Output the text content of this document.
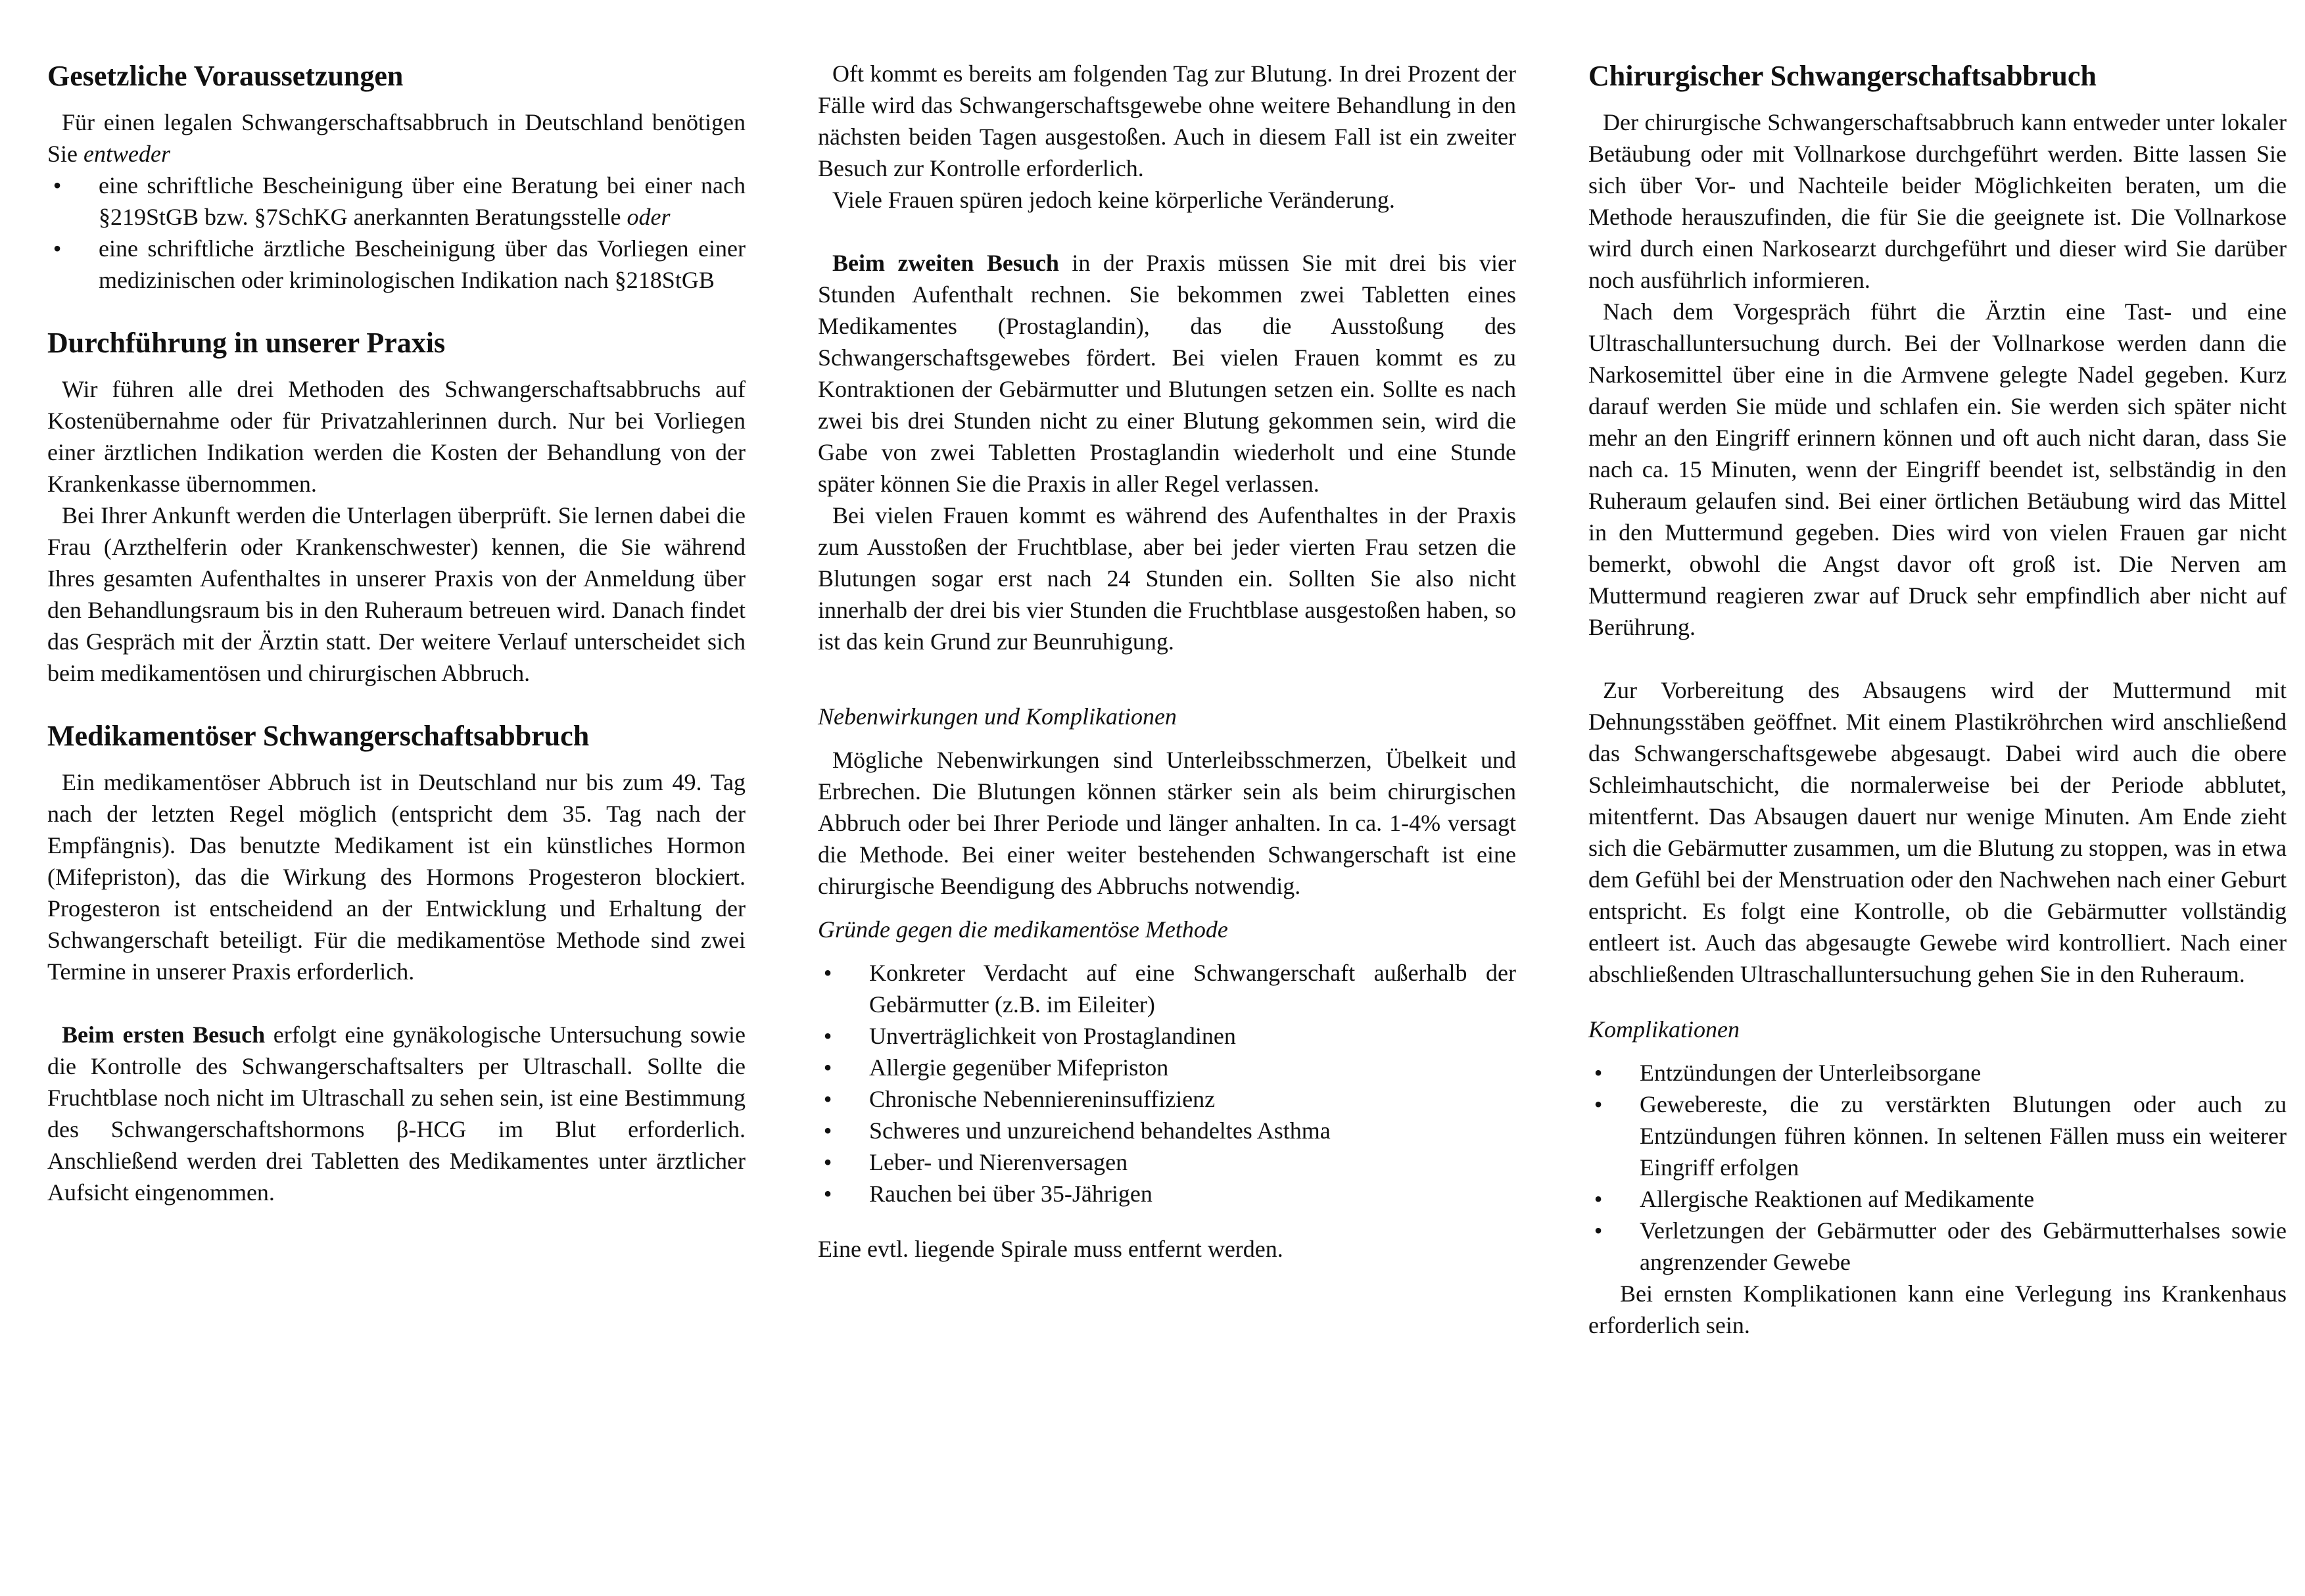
Gesetzliche Voraussetzungen

Für einen legalen Schwangerschaftsabbruch in Deutschland benötigen Sie entweder

• eine schriftliche Bescheinigung über eine Beratung bei einer nach §219StGB bzw. §7SchKG anerkannten Beratungsstelle oder
• eine schriftliche ärztliche Bescheinigung über das Vorliegen einer medizinischen oder kriminologischen Indikation nach §218StGB
Durchführung in unserer Praxis

Wir führen alle drei Methoden des Schwangerschaftsabbruchs auf Kostenübernahme oder für Privatzahlerinnen durch. Nur bei Vorliegen einer ärztlichen Indikation werden die Kosten der Behandlung von der Krankenkasse übernommen.

Bei Ihrer Ankunft werden die Unterlagen überprüft. Sie lernen dabei die Frau (Arzthelferin oder Krankenschwester) kennen, die Sie während Ihres gesamten Aufenthaltes in unserer Praxis von der Anmeldung über den Behandlungsraum bis in den Ruheraum betreuen wird. Danach findet das Gespräch mit der Ärztin statt. Der weitere Verlauf unterscheidet sich beim medikamentösen und chirurgischen Abbruch.

Medikamentöser Schwangerschaftsabbruch

Ein medikamentöser Abbruch ist in Deutschland nur bis zum 49. Tag nach der letzten Regel möglich (entspricht dem 35. Tag nach der Empfängnis). Das benutzte Medikament ist ein künstliches Hormon (Mifepriston), das die Wirkung des Hormons Progesteron blockiert. Progesteron ist entscheidend an der Entwicklung und Erhaltung der Schwangerschaft beteiligt. Für die medikamentöse Methode sind zwei Termine in unserer Praxis erforderlich.

Beim ersten Besuch erfolgt eine gynäkologische Untersuchung sowie die Kontrolle des Schwangerschaftsalters per Ultraschall. Sollte die Fruchtblase noch nicht im Ultraschall zu sehen sein, ist eine Bestimmung des Schwangerschaftshormons β-HCG im Blut erforderlich. Anschließend werden drei Tabletten des Medikamentes unter ärztlicher Aufsicht eingenommen.

Oft kommt es bereits am folgenden Tag zur Blutung. In drei Prozent der Fälle wird das Schwangerschaftsgewebe ohne weitere Behandlung in den nächsten beiden Tagen ausgestoßen. Auch in diesem Fall ist ein zweiter Besuch zur Kontrolle erforderlich.

Viele Frauen spüren jedoch keine körperliche Veränderung.

Beim zweiten Besuch in der Praxis müssen Sie mit drei bis vier Stunden Aufenthalt rechnen. Sie bekommen zwei Tabletten eines Medikamentes (Prostaglandin), das die Ausstoßung des Schwangerschaftsgewebes fördert. Bei vielen Frauen kommt es zu Kontraktionen der Gebärmutter und Blutungen setzen ein. Sollte es nach zwei bis drei Stunden nicht zu einer Blutung gekommen sein, wird die Gabe von zwei Tabletten Prostaglandin wiederholt und eine Stunde später können Sie die Praxis in aller Regel verlassen.

Bei vielen Frauen kommt es während des Aufenthaltes in der Praxis zum Ausstoßen der Fruchtblase, aber bei jeder vierten Frau setzen die Blutungen sogar erst nach 24 Stunden ein. Sollten Sie also nicht innerhalb der drei bis vier Stunden die Fruchtblase ausgestoßen haben, so ist das kein Grund zur Beunruhigung.

Nebenwirkungen und Komplikationen

Mögliche Nebenwirkungen sind Unterleibsschmerzen, Übelkeit und Erbrechen. Die Blutungen können stärker sein als beim chirurgischen Abbruch oder bei Ihrer Periode und länger anhalten. In ca. 1-4% versagt die Methode. Bei einer weiter bestehenden Schwangerschaft ist eine chirurgische Beendigung des Abbruchs notwendig.

Gründe gegen die medikamentöse Methode

• Konkreter Verdacht auf eine Schwangerschaft außerhalb der Gebärmutter (z.B. im Eileiter)
• Unverträglichkeit von Prostaglandinen
• Allergie gegenüber Mifepriston
• Chronische Nebenniereninsuffizienz
• Schweres und unzureichend behandeltes Asthma
• Leber- und Nierenversagen
• Rauchen bei über 35-Jährigen

Eine evtl. liegende Spirale muss entfernt werden.

Chirurgischer Schwangerschaftsabbruch

Der chirurgische Schwangerschaftsabbruch kann entweder unter lokaler Betäubung oder mit Vollnarkose durchgeführt werden. Bitte lassen Sie sich über Vor- und Nachteile beider Möglichkeiten beraten, um die Methode herauszufinden, die für Sie die geeignete ist. Die Vollnarkose wird durch einen Narkosearzt durchgeführt und dieser wird Sie darüber noch ausführlich informieren.

Nach dem Vorgespräch führt die Ärztin eine Tast- und eine Ultraschalluntersuchung durch. Bei der Vollnarkose werden dann die Narkosemittel über eine in die Armvene gelegte Nadel gegeben. Kurz darauf werden Sie müde und schlafen ein. Sie werden sich später nicht mehr an den Eingriff erinnern können und oft auch nicht daran, dass Sie nach ca. 15 Minuten, wenn der Eingriff beendet ist, selbständig in den Ruheraum gelaufen sind. Bei einer örtlichen Betäubung wird das Mittel in den Muttermund gegeben. Dies wird von vielen Frauen gar nicht bemerkt, obwohl die Angst davor oft groß ist. Die Nerven am Muttermund reagieren zwar auf Druck sehr empfindlich aber nicht auf Berührung.

Zur Vorbereitung des Absaugens wird der Muttermund mit Dehnungsstäben geöffnet. Mit einem Plastikröhrchen wird anschließend das Schwangerschaftsgewebe abgesaugt. Dabei wird auch die obere Schleimhautschicht, die normalerweise bei der Periode abblutet, mitentfernt. Das Absaugen dauert nur wenige Minuten. Am Ende zieht sich die Gebärmutter zusammen, um die Blutung zu stoppen, was in etwa dem Gefühl bei der Menstruation oder den Nachwehen nach einer Geburt entspricht. Es folgt eine Kontrolle, ob die Gebärmutter vollständig entleert ist. Auch das abgesaugte Gewebe wird kontrolliert. Nach einer abschließenden Ultraschalluntersuchung gehen Sie in den Ruheraum.

Komplikationen

• Entzündungen der Unterleibsorgane
• Gewebereste, die zu verstärkten Blutungen oder auch zu Entzündungen führen können. In seltenen Fällen muss ein weiterer Eingriff erfolgen
• Allergische Reaktionen auf Medikamente
• Verletzungen der Gebärmutter oder des Gebärmutterhalses sowie angrenzender Gewebe

Bei ernsten Komplikationen kann eine Verlegung ins Krankenhaus erforderlich sein.
